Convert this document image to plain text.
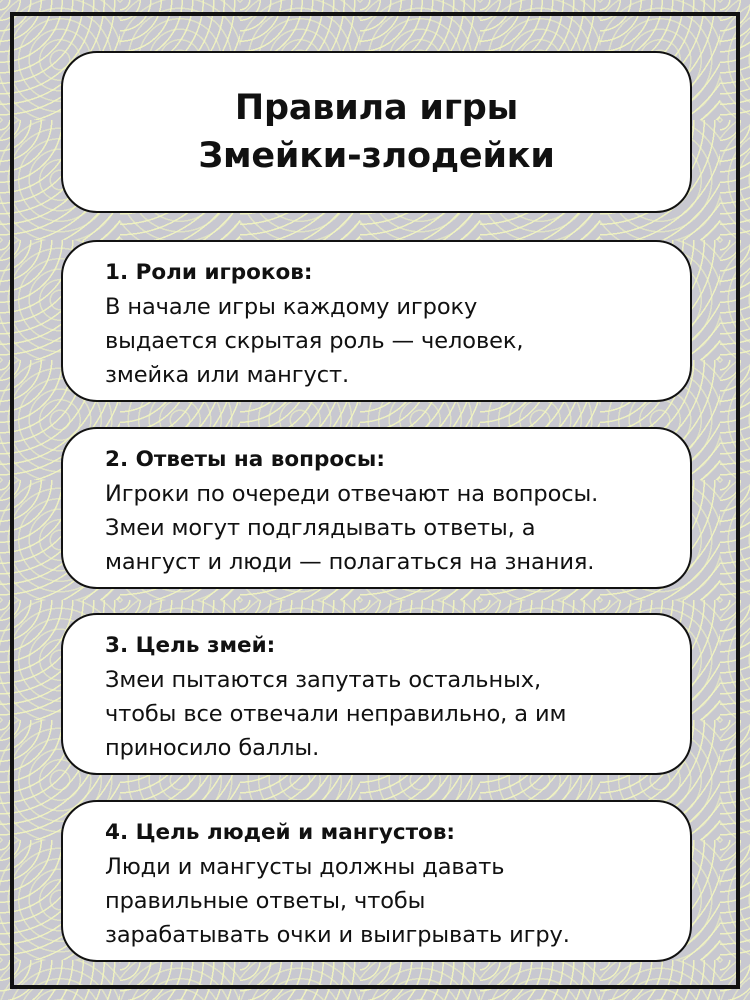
Правила игры
Змейки-злодейки
1. Роли игроков:
В начале игры каждому игроку
выдается скрытая роль — человек,
змейка или мангуст.
2. Ответы на вопросы:
Игроки по очереди отвечают на вопросы.
Змеи могут подглядывать ответы, а
мангуст и люди — полагаться на знания.
3. Цель змей:
Змеи пытаются запутать остальных,
чтобы все отвечали неправильно, а им
приносило баллы.
4. Цель людей и мангустов:
Люди и мангусты должны давать
правильные ответы, чтобы
зарабатывать очки и выигрывать игру.
